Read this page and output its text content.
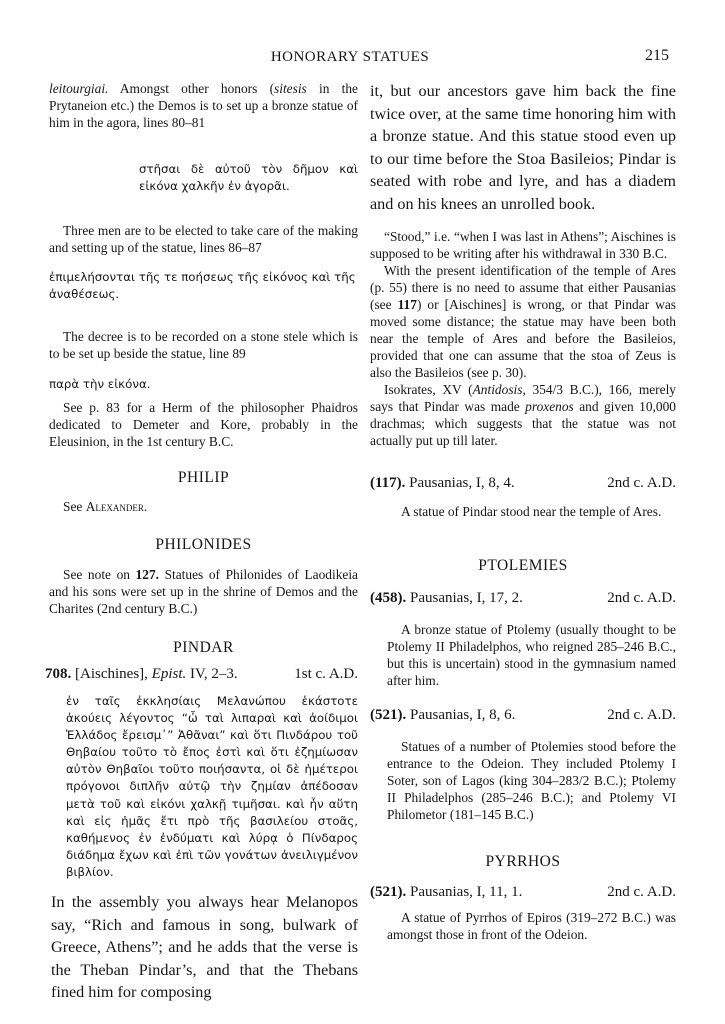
HONORARY STATUES	215

leitourgiai. Amongst other honors (sitesis in the Prytaneion etc.) the Demos is to set up a bronze statue of him in the agora, lines 80–81

στῆσαι δὲ αὐτοῦ τὸν δῆμον καὶ εἰκόνα χαλκῆν ἐν ἀγορᾶι.

Three men are to be elected to take care of the making and setting up of the statue, lines 86–87

ἐπιμελήσονται τῆς τε ποήσεως τῆς εἰκόνος καὶ τῆς ἀναθέσεως.

The decree is to be recorded on a stone stele which is to be set up beside the statue, line 89

παρὰ τὴν εἰκόνα.

See p. 83 for a Herm of the philosopher Phaidros dedicated to Demeter and Kore, probably in the Eleusinion, in the 1st century B.C.

PHILIP

See Alexander.

PHILONIDES

See note on 127. Statues of Philonides of Laodikeia and his sons were set up in the shrine of Demos and the Charites (2nd century B.C.)

PINDAR
708. [Aischines], Epist. IV, 2–3.	1st c. A.D.

ἐν ταῖς ἐκκλησίαις Μελανώπου ἑκάστοτε ἀκούεις λέγοντος “ὦ ταὶ λιπαραὶ καὶ ἀοίδιμοι Ἑλλάδος ἔρεισμ᾽” Ἀθᾶναι” καὶ ὅτι Πινδάρου τοῦ Θηβαίου τοῦτο τὸ ἔπος ἐστὶ καὶ ὅτι ἐζημίωσαν αὐτὸν Θηβαῖοι τοῦτο ποιήσαντα, οἱ δὲ ἡμέτεροι πρόγονοι διπλῆν αὐτῷ τὴν ζημίαν ἀπέδοσαν μετὰ τοῦ καὶ εἰκόνι χαλκῇ τιμῆσαι. καὶ ἦν αὕτη καὶ εἰς ἡμᾶς ἔτι πρὸ τῆς βασιλείου στοᾶς, καθήμενος ἐν ἐνδύματι καὶ λύρᾳ ὁ Πίνδαρος διάδημα ἔχων καὶ ἐπὶ τῶν γονάτων ἀνειλιγμένον βιβλίον.

In the assembly you always hear Melanopos say, “Rich and famous in song, bulwark of Greece, Athens”; and he adds that the verse is the Theban Pindar’s, and that the Thebans fined him for composing

it, but our ancestors gave him back the fine twice over, at the same time honoring him with a bronze statue. And this statue stood even up to our time before the Stoa Basileios; Pindar is seated with robe and lyre, and has a diadem and on his knees an unrolled book.

“Stood,” i.e. “when I was last in Athens”; Aischines is supposed to be writing after his withdrawal in 330 B.C.

With the present identification of the temple of Ares (p. 55) there is no need to assume that either Pausanias (see 117) or [Aischines] is wrong, or that Pindar was moved some distance; the statue may have been both near the temple of Ares and before the Basileios, provided that one can assume that the stoa of Zeus is also the Basileios (see p. 30).

Isokrates, XV (Antidosis, 354/3 B.C.), 166, merely says that Pindar was made proxenos and given 10,000 drachmas; which suggests that the statue was not actually put up till later.

(117). Pausanias, I, 8, 4.	2nd c. A.D.

A statue of Pindar stood near the temple of Ares.

PTOLEMIES
(458). Pausanias, I, 17, 2.	2nd c. A.D.

A bronze statue of Ptolemy (usually thought to be Ptolemy II Philadelphos, who reigned 285–246 B.C., but this is uncertain) stood in the gymnasium named after him.

(521). Pausanias, I, 8, 6.	2nd c. A.D.

Statues of a number of Ptolemies stood before the entrance to the Odeion. They included Ptolemy I Soter, son of Lagos (king 304–283/2 B.C.); Ptolemy II Philadelphos (285–246 B.C.); and Ptolemy VI Philometor (181–145 B.C.)

PYRRHOS
(521). Pausanias, I, 11, 1.	2nd c. A.D.

A statue of Pyrrhos of Epiros (319–272 B.C.) was amongst those in front of the Odeion.
